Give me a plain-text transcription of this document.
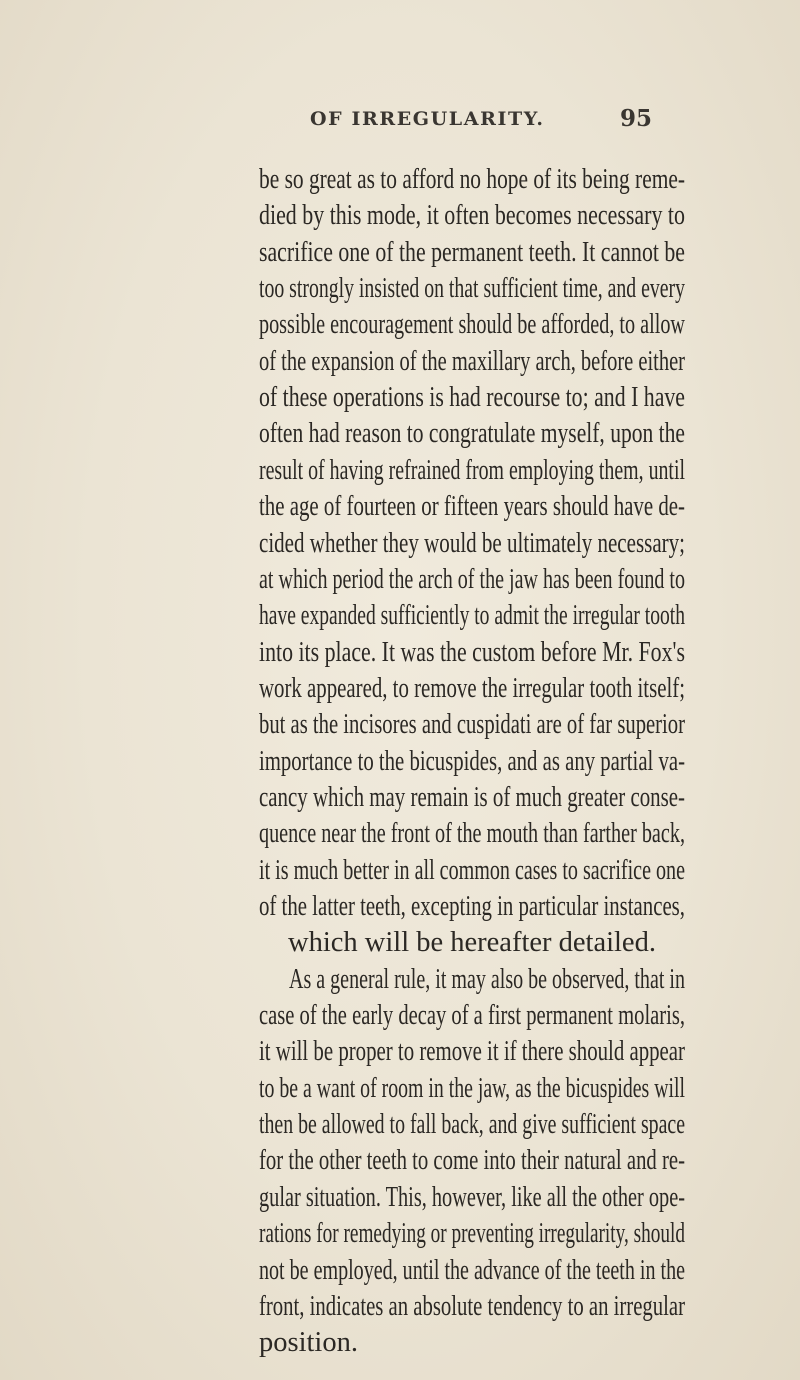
OF IRREGULARITY.	95
be so great as to afford no hope of its being reme-
died by this mode, it often becomes necessary to
sacrifice one of the permanent teeth. It cannot be
too strongly insisted on that sufficient time, and every
possible encouragement should be afforded, to allow
of the expansion of the maxillary arch, before either
of these operations is had recourse to; and I have
often had reason to congratulate myself, upon the
result of having refrained from employing them, until
the age of fourteen or fifteen years should have de-
cided whether they would be ultimately necessary;
at which period the arch of the jaw has been found to
have expanded sufficiently to admit the irregular tooth
into its place. It was the custom before Mr. Fox's
work appeared, to remove the irregular tooth itself;
but as the incisores and cuspidati are of far superior
importance to the bicuspides, and as any partial va-
cancy which may remain is of much greater conse-
quence near the front of the mouth than farther back,
it is much better in all common cases to sacrifice one
of the latter teeth, excepting in particular instances,
which will be hereafter detailed.
As a general rule, it may also be observed, that in
case of the early decay of a first permanent molaris,
it will be proper to remove it if there should appear
to be a want of room in the jaw, as the bicuspides will
then be allowed to fall back, and give sufficient space
for the other teeth to come into their natural and re-
gular situation. This, however, like all the other ope-
rations for remedying or preventing irregularity, should
not be employed, until the advance of the teeth in the
front, indicates an absolute tendency to an irregular
position.
